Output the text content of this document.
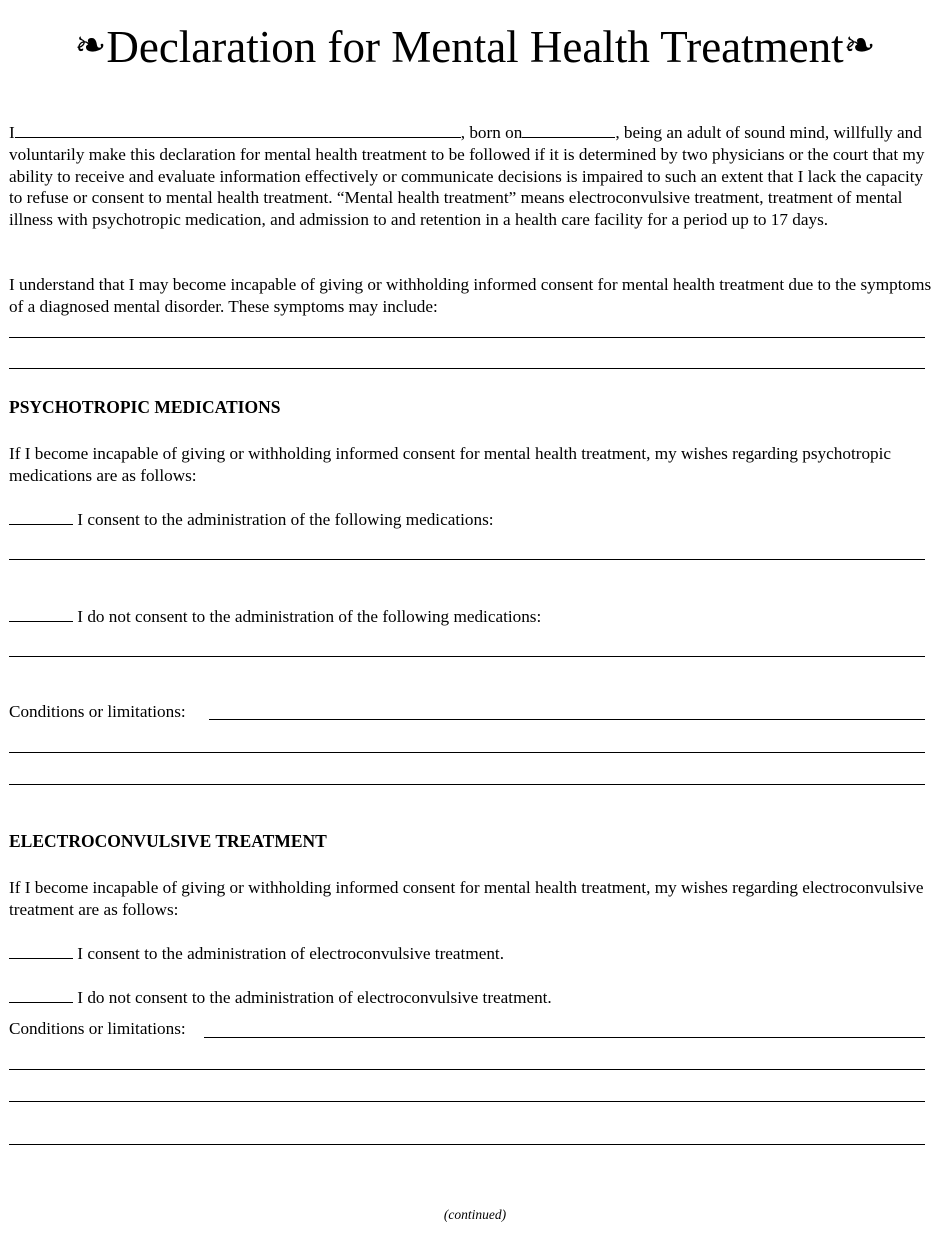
❧Declaration for Mental Health Treatment❧
I	, born on	, being an adult of sound mind, willfully and voluntarily make this declaration for mental health treatment to be followed if it is determined by two physicians or the court that my ability to receive and evaluate information effectively or communicate decisions is impaired to such an extent that I lack the capacity to refuse or consent to mental health treatment. “Mental health treatment” means electroconvulsive treatment, treatment of mental illness with psychotropic medication, and admission to and retention in a health care facility for a period up to 17 days.
I understand that I may become incapable of giving or withholding informed consent for mental health treatment due to the symptoms of a diagnosed mental disorder. These symptoms may include:
PSYCHOTROPIC MEDICATIONS
If I become incapable of giving or withholding informed consent for mental health treatment, my wishes regarding psychotropic medications are as follows:
I consent to the administration of the following medications:
I do not consent to the administration of the following medications:
Conditions or limitations:
ELECTROCONVULSIVE TREATMENT
If I become incapable of giving or withholding informed consent for mental health treatment, my wishes regarding electroconvulsive treatment are as follows:
I consent to the administration of electroconvulsive treatment.
I do not consent to the administration of electroconvulsive treatment.
Conditions or limitations:
(continued)
